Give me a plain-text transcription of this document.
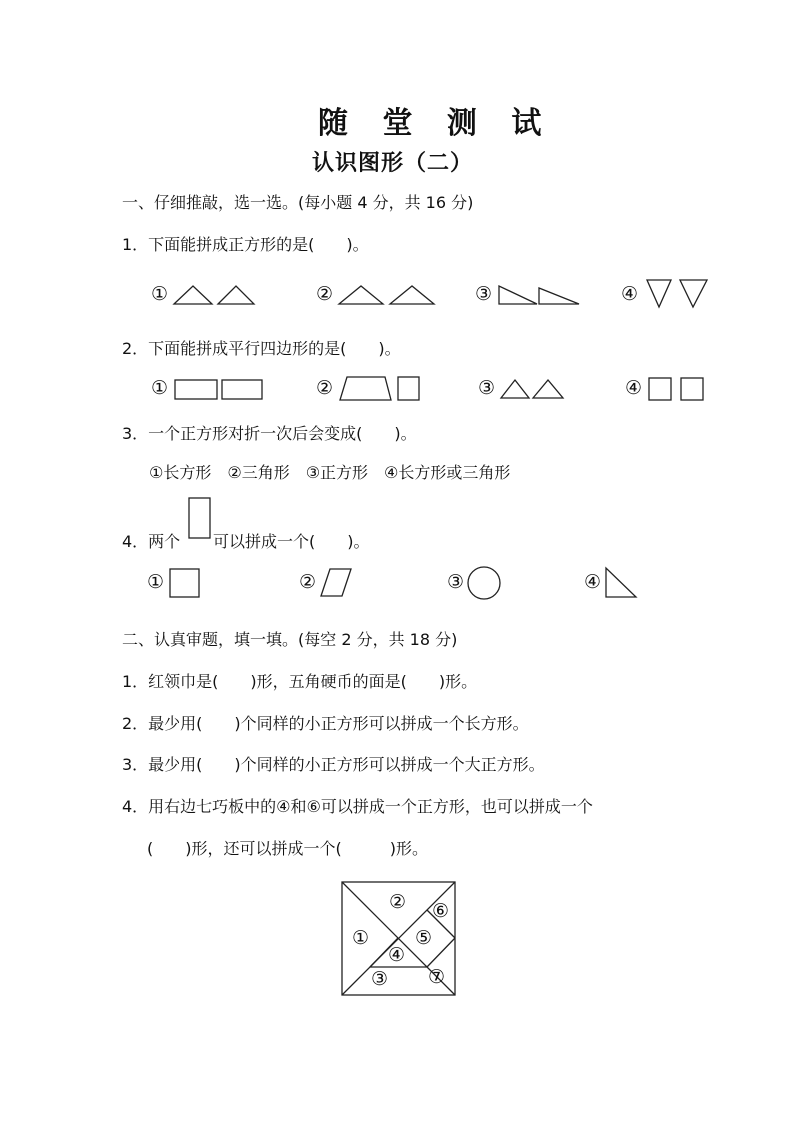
随 堂 测 试
认识图形（二）
一、仔细推敲，选一选。(每小题 4 分，共 16 分)
1．下面能拼成正方形的是(　　)。
①	②	③	④
2．下面能拼成平行四边形的是(　　)。
①	②	③	④
3．一个正方形对折一次后会变成(　　)。
①长方形　②三角形　③正方形　④长方形或三角形
4．两个 可以拼成一个(　　)。
①	②	③	④
二、认真审题，填一填。(每空 2 分，共 18 分)
1．红领巾是(　　)形，五角硬币的面是(　　)形。
2．最少用(　　)个同样的小正方形可以拼成一个长方形。
3．最少用(　　)个同样的小正方形可以拼成一个大正方形。
4．用右边七巧板中的④和⑥可以拼成一个正方形，也可以拼成一个
(　　)形，还可以拼成一个(　　　)形。
①
②
③
④
⑤
⑥
⑦
